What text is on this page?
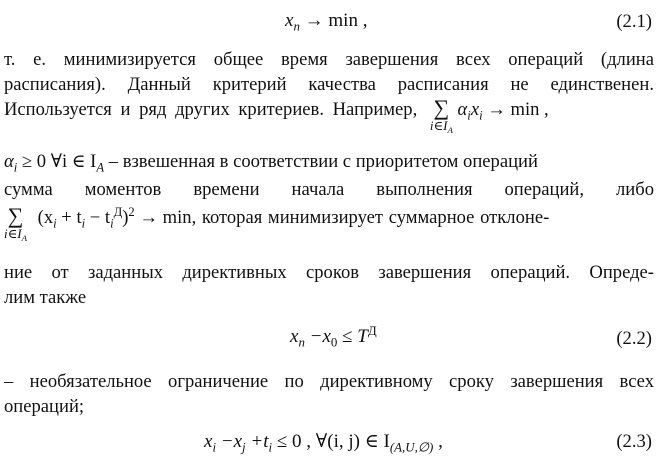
$x_n \to \min$ ,	(2.1)
т. е. минимизируется общее время завершения всех операций (длина
расписания). Данный критерий качества расписания не единственен.
Используется и ряд других критериев. Например, ∑
$i\in I_A$
$\alpha_ix_i \to \min$ ,
$\alpha_i \ge 0$ ∀i ∈ $I_A$ – взвешенная в соответствии с приоритетом операций
сумма моментов времени начала выполнения операций, либо
∑
$i\in I_A$
$(x_i + t_i - t_i^Д)^2 \to \min$, которая минимизирует суммарное отклоне-
ние от заданных директивных сроков завершения операций. Опреде-
лим также
$x_n -x_0 \le T^Д$	(2.2)
– необязательное ограничение по директивному сроку завершения всех
операций;
$x_i -x_j +t_i \le 0$ , ∀(i, j) ∈ $I_{(A,U,\emptyset)}$ ,	(2.3)
